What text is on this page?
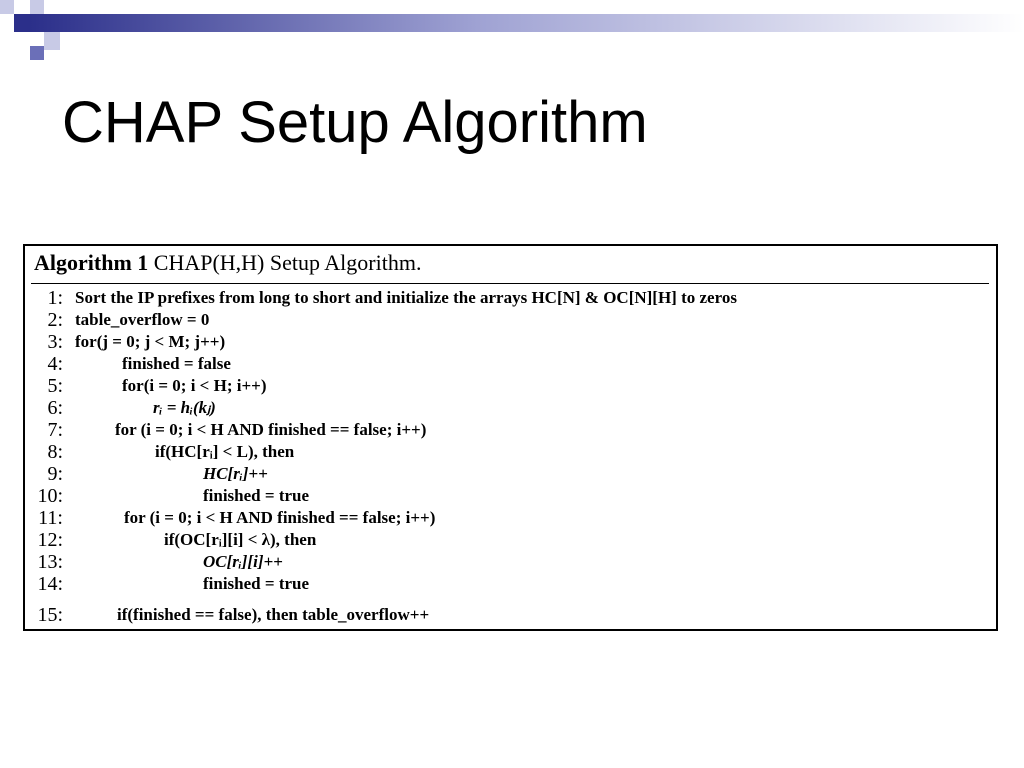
CHAP Setup Algorithm
Algorithm 1 CHAP(H,H) Setup Algorithm.
1: Sort the IP prefixes from long to short and initialize the arrays HC[N] & OC[N][H] to zeros
2: table_overflow = 0
3: for(j = 0; j < M; j++)
4:	finished = false
5:	for(i = 0; i < H; i++)
6:	rᵢ = hᵢ(kⱼ)
7:	for (i = 0; i < H AND finished == false; i++)
8:	if(HC[rᵢ] < L), then
9:	HC[rᵢ]++
10:	finished = true
11:	for (i = 0; i < H AND finished == false; i++)
12:	if(OC[rᵢ][i] < λ), then
13:	OC[rᵢ][i]++
14:	finished = true
15:	if(finished == false), then table_overflow++
